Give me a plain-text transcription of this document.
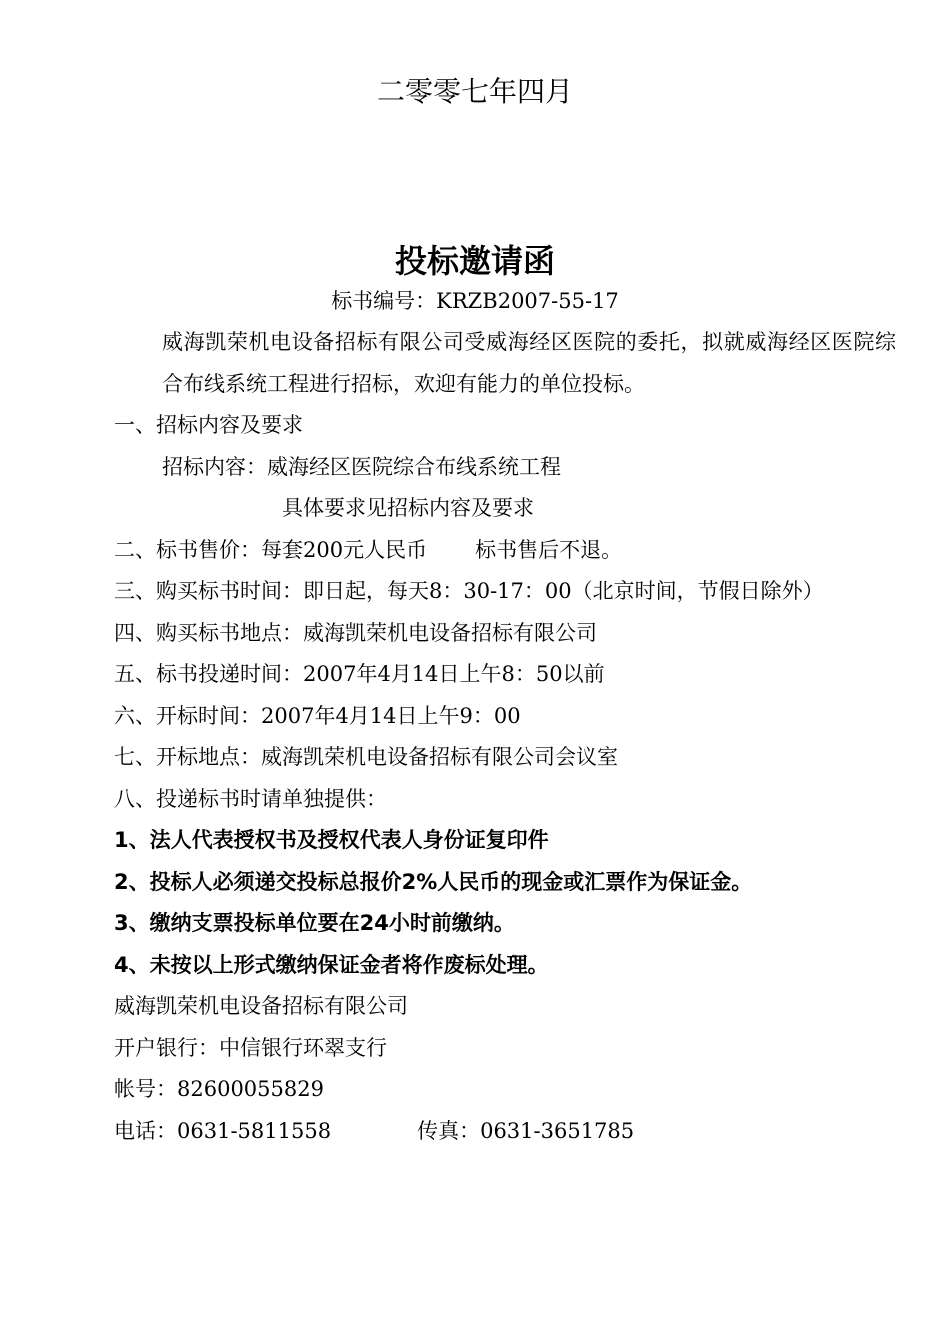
二零零七年四月
投标邀请函
标书编号：KRZB2007-55-17
威海凯荣机电设备招标有限公司受威海经区医院的委托，拟就威海经区医院综合布线系统工程进行招标，欢迎有能力的单位投标。
一、招标内容及要求
招标内容：威海经区医院综合布线系统工程
具体要求见招标内容及要求
二、标书售价：每套200元人民币 标书售后不退。
三、购买标书时间：即日起，每天8：30-17：00（北京时间，节假日除外）
四、购买标书地点：威海凯荣机电设备招标有限公司
五、标书投递时间：2007年4月14日上午8：50以前
六、开标时间：2007年4月14日上午9：00
七、开标地点：威海凯荣机电设备招标有限公司会议室
八、投递标书时请单独提供：
1、法人代表授权书及授权代表人身份证复印件
2、投标人必须递交投标总报价2%人民币的现金或汇票作为保证金。
3、缴纳支票投标单位要在24小时前缴纳。
4、未按以上形式缴纳保证金者将作废标处理。
威海凯荣机电设备招标有限公司
开户银行：中信银行环翠支行
帐号：82600055829
电话：0631-5811558	传真：0631-3651785
